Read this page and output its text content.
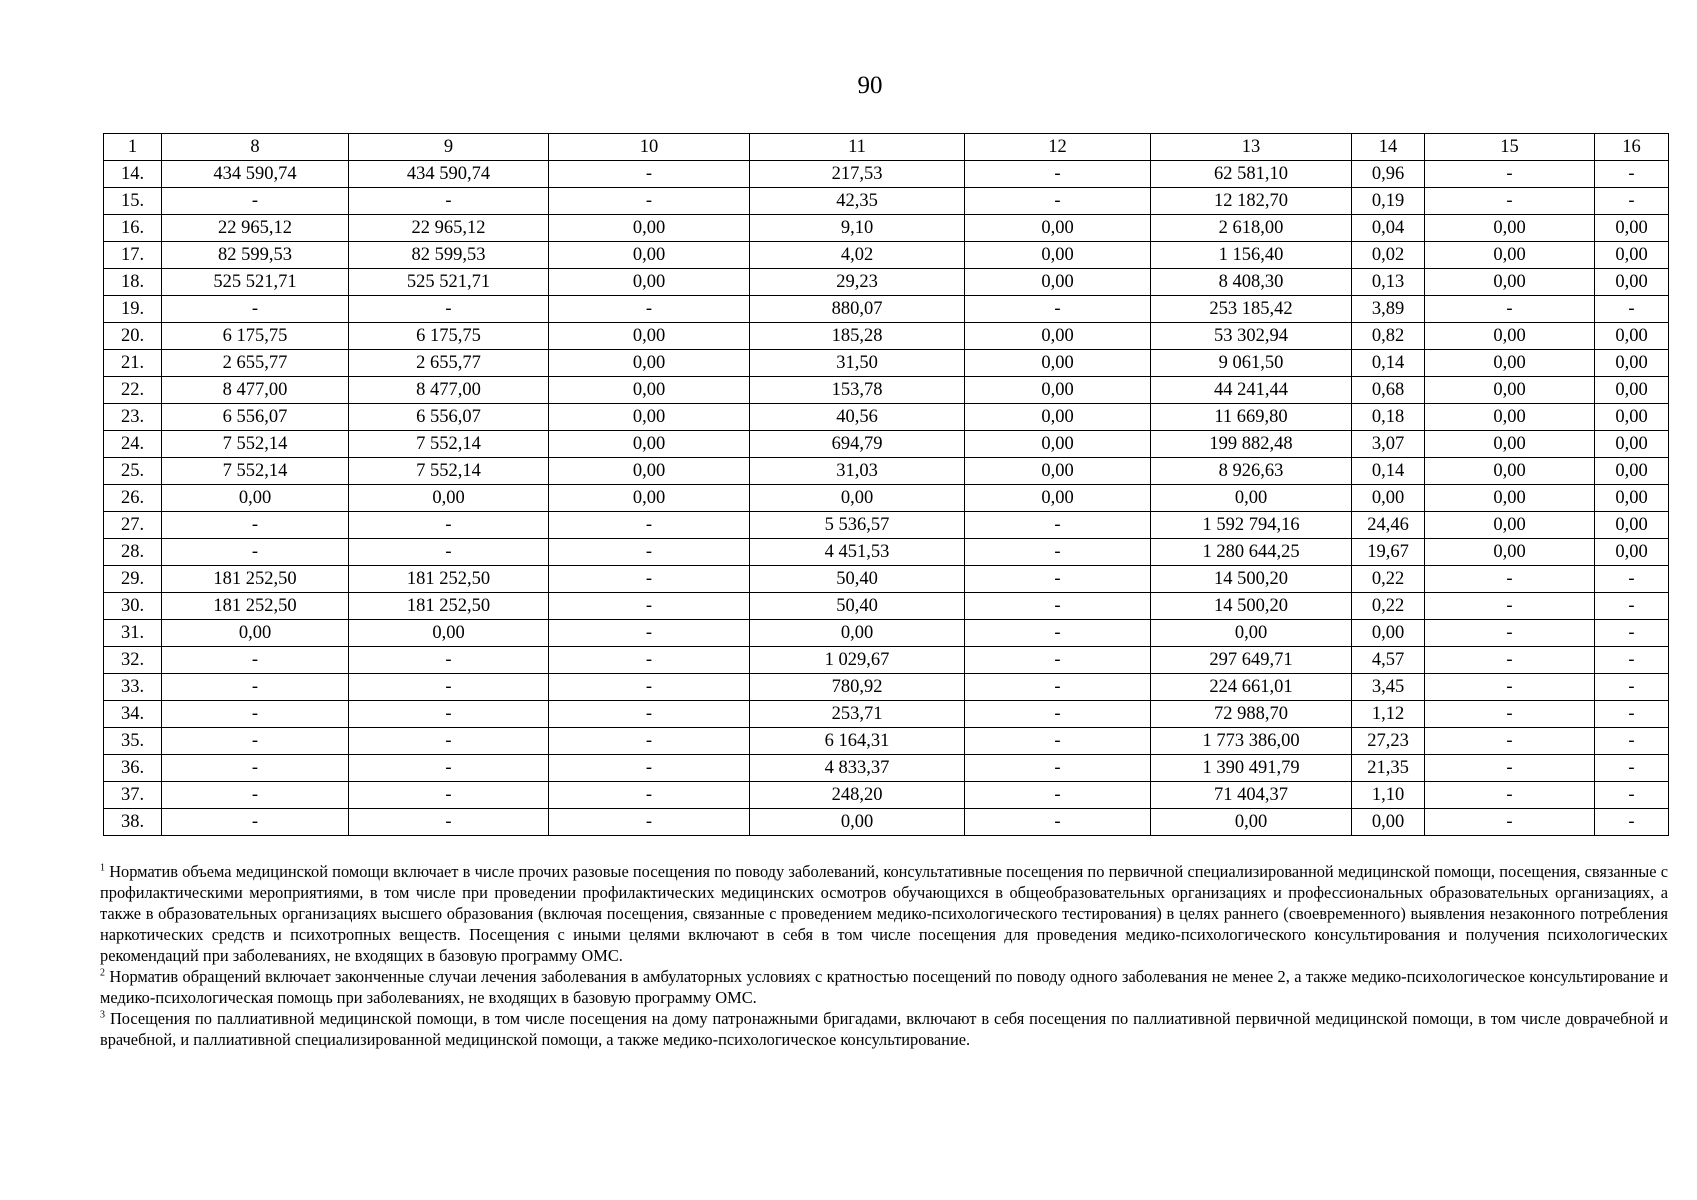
90
1	8	9	10	11	12	13	14	15	16
14.	434 590,74	434 590,74	-	217,53	-	62 581,10	0,96	-	-
15.	-	-	-	42,35	-	12 182,70	0,19	-	-
16.	22 965,12	22 965,12	0,00	9,10	0,00	2 618,00	0,04	0,00	0,00
17.	82 599,53	82 599,53	0,00	4,02	0,00	1 156,40	0,02	0,00	0,00
18.	525 521,71	525 521,71	0,00	29,23	0,00	8 408,30	0,13	0,00	0,00
19.	-	-	-	880,07	-	253 185,42	3,89	-	-
20.	6 175,75	6 175,75	0,00	185,28	0,00	53 302,94	0,82	0,00	0,00
21.	2 655,77	2 655,77	0,00	31,50	0,00	9 061,50	0,14	0,00	0,00
22.	8 477,00	8 477,00	0,00	153,78	0,00	44 241,44	0,68	0,00	0,00
23.	6 556,07	6 556,07	0,00	40,56	0,00	11 669,80	0,18	0,00	0,00
24.	7 552,14	7 552,14	0,00	694,79	0,00	199 882,48	3,07	0,00	0,00
25.	7 552,14	7 552,14	0,00	31,03	0,00	8 926,63	0,14	0,00	0,00
26.	0,00	0,00	0,00	0,00	0,00	0,00	0,00	0,00	0,00
27.	-	-	-	5 536,57	-	1 592 794,16	24,46	0,00	0,00
28.	-	-	-	4 451,53	-	1 280 644,25	19,67	0,00	0,00
29.	181 252,50	181 252,50	-	50,40	-	14 500,20	0,22	-	-
30.	181 252,50	181 252,50	-	50,40	-	14 500,20	0,22	-	-
31.	0,00	0,00	-	0,00	-	0,00	0,00	-	-
32.	-	-	-	1 029,67	-	297 649,71	4,57	-	-
33.	-	-	-	780,92	-	224 661,01	3,45	-	-
34.	-	-	-	253,71	-	72 988,70	1,12	-	-
35.	-	-	-	6 164,31	-	1 773 386,00	27,23	-	-
36.	-	-	-	4 833,37	-	1 390 491,79	21,35	-	-
37.	-	-	-	248,20	-	71 404,37	1,10	-	-
38.	-	-	-	0,00	-	0,00	0,00	-	-

$^1$ Норматив объема медицинской помощи включает в числе прочих разовые посещения по поводу заболеваний, консультативные посещения по первичной специализированной медицинской помощи, посещения, связанные с профилактическими мероприятиями, в том числе при проведении профилактических медицинских осмотров обучающихся в общеобразовательных организациях и профессиональных образовательных организациях, а также в образовательных организациях высшего образования (включая посещения, связанные с проведением медико-психологического тестирования) в целях раннего (своевременного) выявления незаконного потребления наркотических средств и психотропных веществ. Посещения с иными целями включают в себя в том числе посещения для проведения медико-психологического консультирования и получения психологических рекомендаций при заболеваниях, не входящих в базовую программу ОМС.

$^2$ Норматив обращений включает законченные случаи лечения заболевания в амбулаторных условиях с кратностью посещений по поводу одного заболевания не менее 2, а также медико-психологическое консультирование и медико-психологическая помощь при заболеваниях, не входящих в базовую программу ОМС.

$^3$ Посещения по паллиативной медицинской помощи, в том числе посещения на дому патронажными бригадами, включают в себя посещения по паллиативной первичной медицинской помощи, в том числе доврачебной и врачебной, и паллиативной специализированной медицинской помощи, а также медико-психологическое консультирование.
